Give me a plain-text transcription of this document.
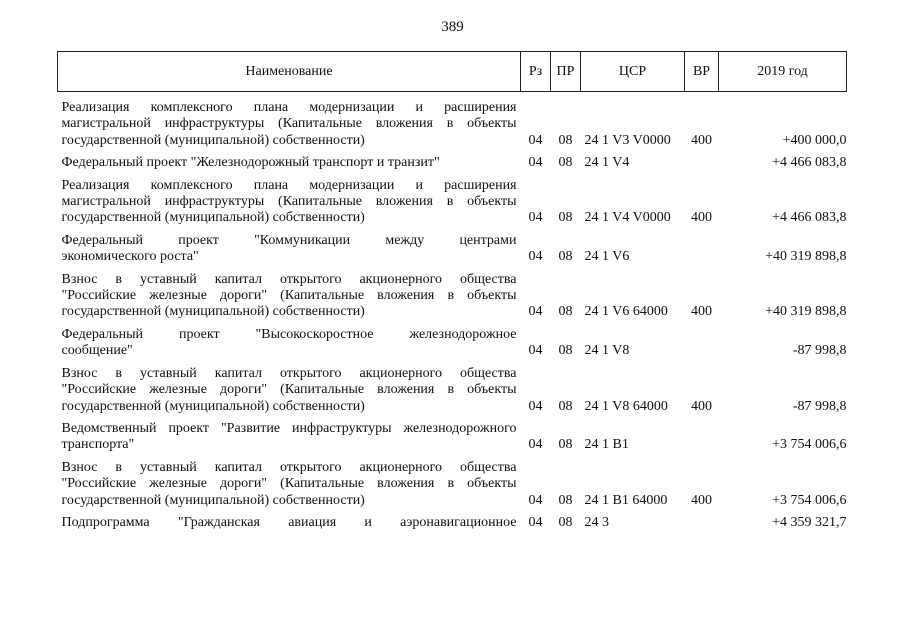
389
Наименование	Рз	ПР	ЦСР	ВР	2019 год

Реализация комплексного плана модернизации и расширения
магистральной инфраструктуры (Капитальные вложения в объекты
государственной (муниципальной) собственности)	04	08	24 1 V3 V0000	400	+400 000,0

Федеральный проект "Железнодорожный транспорт и транзит"	04	08	24 1 V4		+4 466 083,8

Реализация комплексного плана модернизации и расширения
магистральной инфраструктуры (Капитальные вложения в объекты
государственной (муниципальной) собственности)	04	08	24 1 V4 V0000	400	+4 466 083,8

Федеральный проект "Коммуникации между центрами
экономического роста"	04	08	24 1 V6		+40 319 898,8

Взнос в уставный капитал открытого акционерного общества
"Российские железные дороги" (Капитальные вложения в объекты
государственной (муниципальной) собственности)	04	08	24 1 V6 64000	400	+40 319 898,8

Федеральный проект "Высокоскоростное железнодорожное
сообщение"	04	08	24 1 V8		-87 998,8

Взнос в уставный капитал открытого акционерного общества
"Российские железные дороги" (Капитальные вложения в объекты
государственной (муниципальной) собственности)	04	08	24 1 V8 64000	400	-87 998,8

Ведомственный проект "Развитие инфраструктуры железнодорожного
транспорта"	04	08	24 1 В1		+3 754 006,6

Взнос в уставный капитал открытого акционерного общества
"Российские железные дороги" (Капитальные вложения в объекты
государственной (муниципальной) собственности)	04	08	24 1 В1 64000	400	+3 754 006,6

Подпрограмма "Гражданская авиация и аэронавигационное	04	08	24 3		+4 359 321,7
